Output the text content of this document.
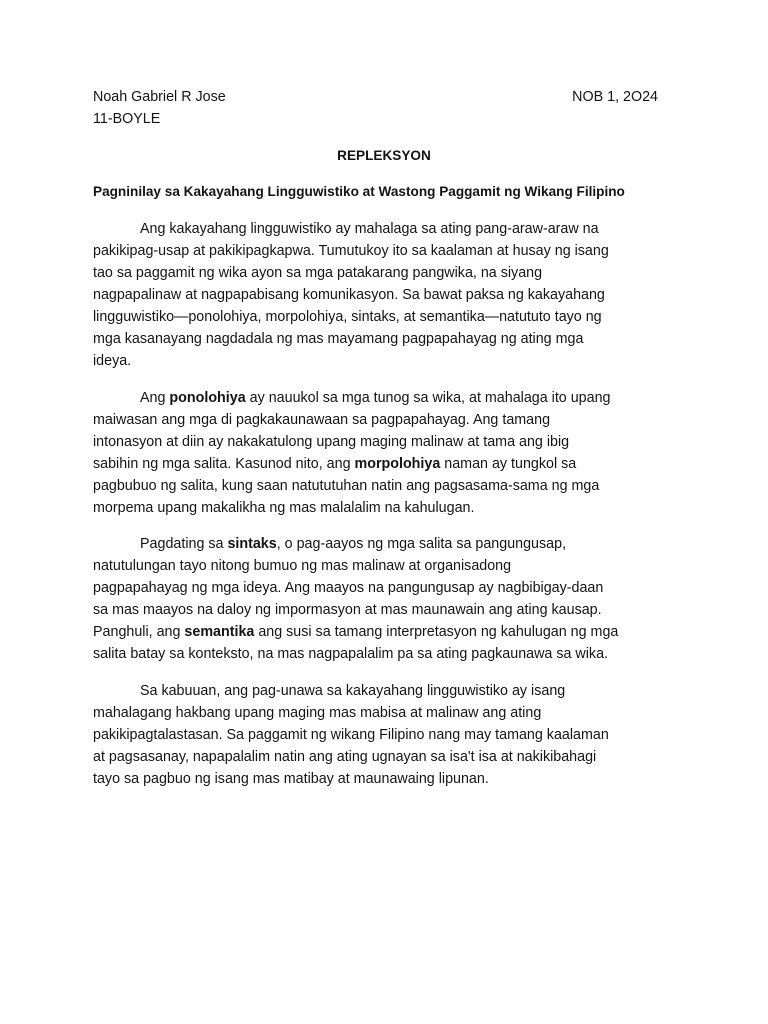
Noah Gabriel R Jose	NOB 1, 2O24
11-BOYLE
REPLEKSYON
Pagninilay sa Kakayahang Lingguwistiko at Wastong Paggamit ng Wikang Filipino
Ang kakayahang lingguwistiko ay mahalaga sa ating pang-araw-araw na
pakikipag-usap at pakikipagkapwa. Tumutukoy ito sa kaalaman at husay ng isang
tao sa paggamit ng wika ayon sa mga patakarang pangwika, na siyang
nagpapalinaw at nagpapabisang komunikasyon. Sa bawat paksa ng kakayahang
lingguwistiko—ponolohiya, morpolohiya, sintaks, at semantika—natututo tayo ng
mga kasanayang nagdadala ng mas mayamang pagpapahayag ng ating mga
ideya.
Ang ponolohiya ay nauukol sa mga tunog sa wika, at mahalaga ito upang
maiwasan ang mga di pagkakaunawaan sa pagpapahayag. Ang tamang
intonasyon at diin ay nakakatulong upang maging malinaw at tama ang ibig
sabihin ng mga salita. Kasunod nito, ang morpolohiya naman ay tungkol sa
pagbubuo ng salita, kung saan natututuhan natin ang pagsasama-sama ng mga
morpema upang makalikha ng mas malalalim na kahulugan.
Pagdating sa sintaks, o pag-aayos ng mga salita sa pangungusap,
natutulungan tayo nitong bumuo ng mas malinaw at organisadong
pagpapahayag ng mga ideya. Ang maayos na pangungusap ay nagbibigay-daan
sa mas maayos na daloy ng impormasyon at mas maunawain ang ating kausap.
Panghuli, ang semantika ang susi sa tamang interpretasyon ng kahulugan ng mga
salita batay sa konteksto, na mas nagpapalalim pa sa ating pagkaunawa sa wika.
Sa kabuuan, ang pag-unawa sa kakayahang lingguwistiko ay isang
mahalagang hakbang upang maging mas mabisa at malinaw ang ating
pakikipagtalastasan. Sa paggamit ng wikang Filipino nang may tamang kaalaman
at pagsasanay, napapalalim natin ang ating ugnayan sa isa't isa at nakikibahagi
tayo sa pagbuo ng isang mas matibay at maunawaing lipunan.
